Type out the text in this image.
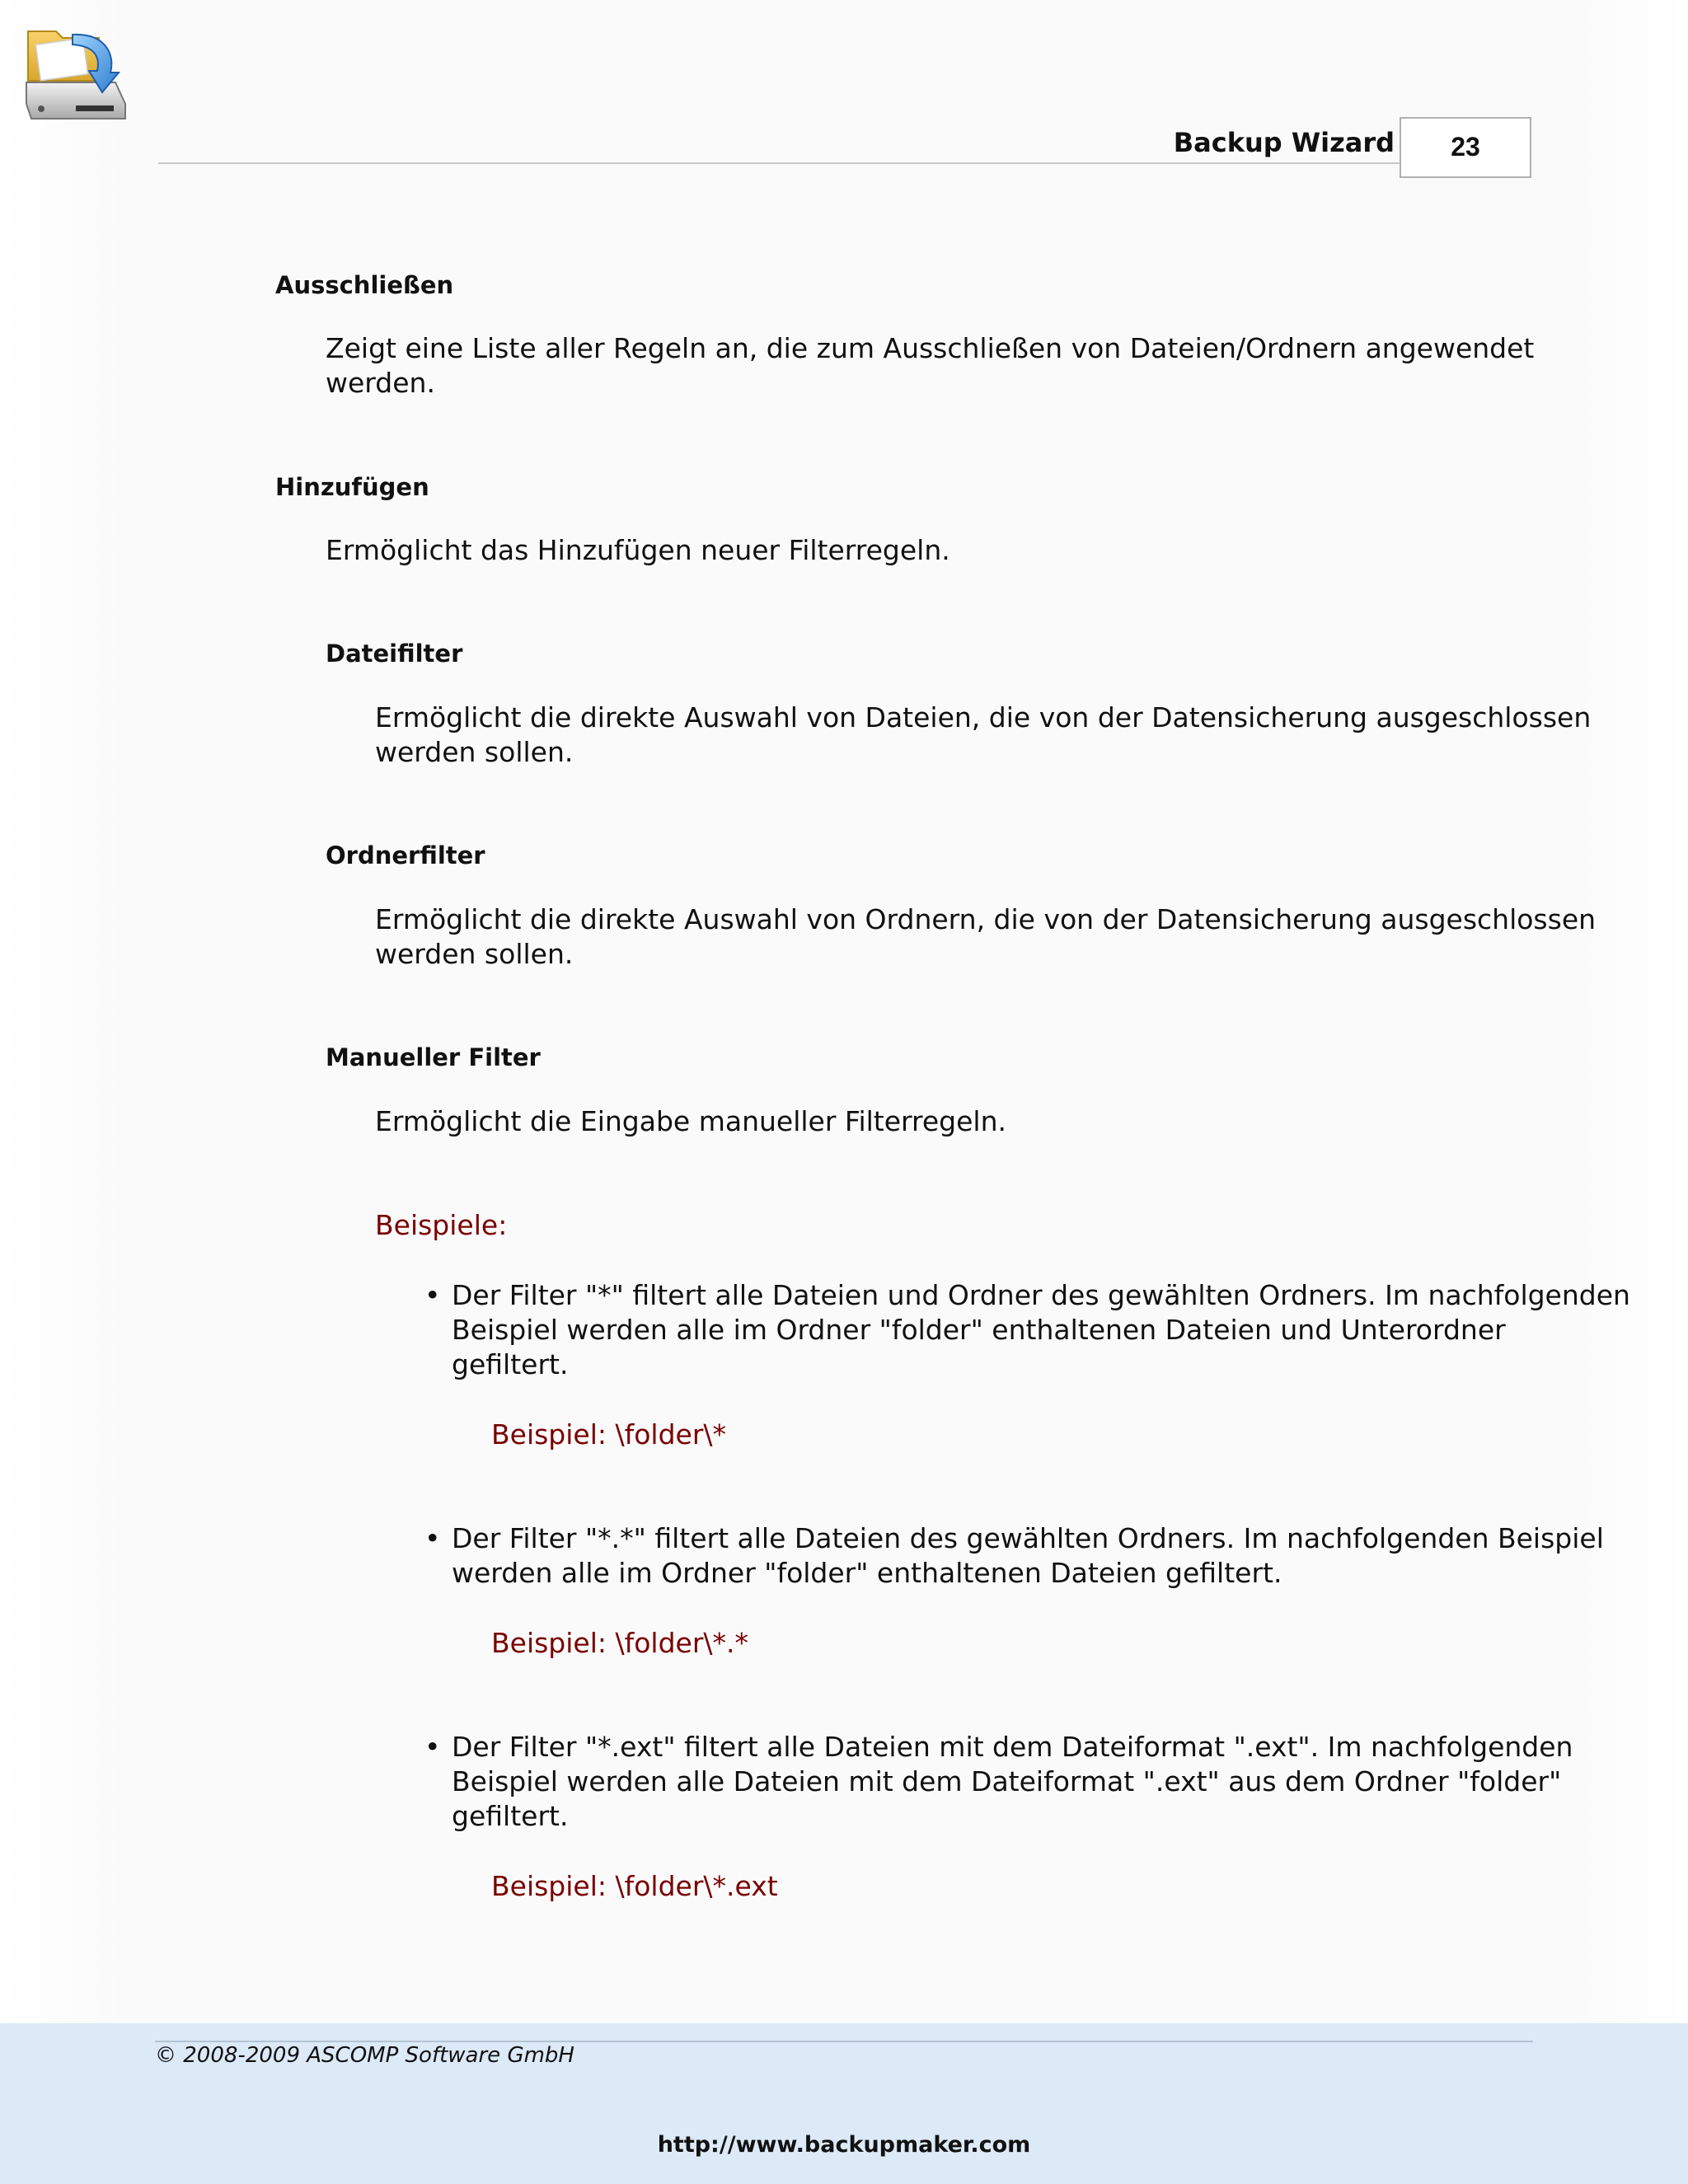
Backup Wizard	23
Ausschließen
Zeigt eine Liste aller Regeln an, die zum Ausschließen von Dateien/Ordnern angewendet
werden.
Hinzufügen
Ermöglicht das Hinzufügen neuer Filterregeln.
Dateifilter
Ermöglicht die direkte Auswahl von Dateien, die von der Datensicherung ausgeschlossen
werden sollen.
Ordnerfilter
Ermöglicht die direkte Auswahl von Ordnern, die von der Datensicherung ausgeschlossen
werden sollen.
Manueller Filter
Ermöglicht die Eingabe manueller Filterregeln.
Beispiele:
• Der Filter "*" filtert alle Dateien und Ordner des gewählten Ordners. Im nachfolgenden
Beispiel werden alle im Ordner "folder" enthaltenen Dateien und Unterordner
gefiltert.
Beispiel: \folder\*
• Der Filter "*.*" filtert alle Dateien des gewählten Ordners. Im nachfolgenden Beispiel
werden alle im Ordner "folder" enthaltenen Dateien gefiltert.
Beispiel: \folder\*.*
• Der Filter "*.ext" filtert alle Dateien mit dem Dateiformat ".ext". Im nachfolgenden
Beispiel werden alle Dateien mit dem Dateiformat ".ext" aus dem Ordner "folder"
gefiltert.
Beispiel: \folder\*.ext
© 2008-2009 ASCOMP Software GmbH
http://www.backupmaker.com
